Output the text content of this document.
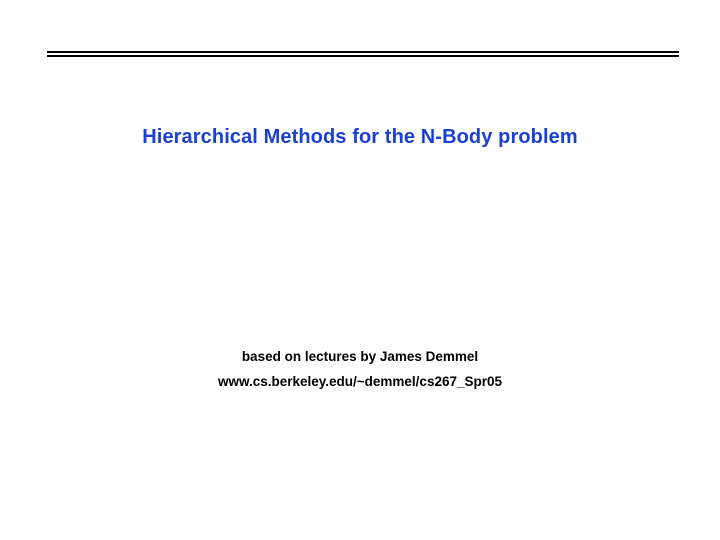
Hierarchical Methods for the N-Body problem
based on lectures by James Demmel
www.cs.berkeley.edu/~demmel/cs267_Spr05
